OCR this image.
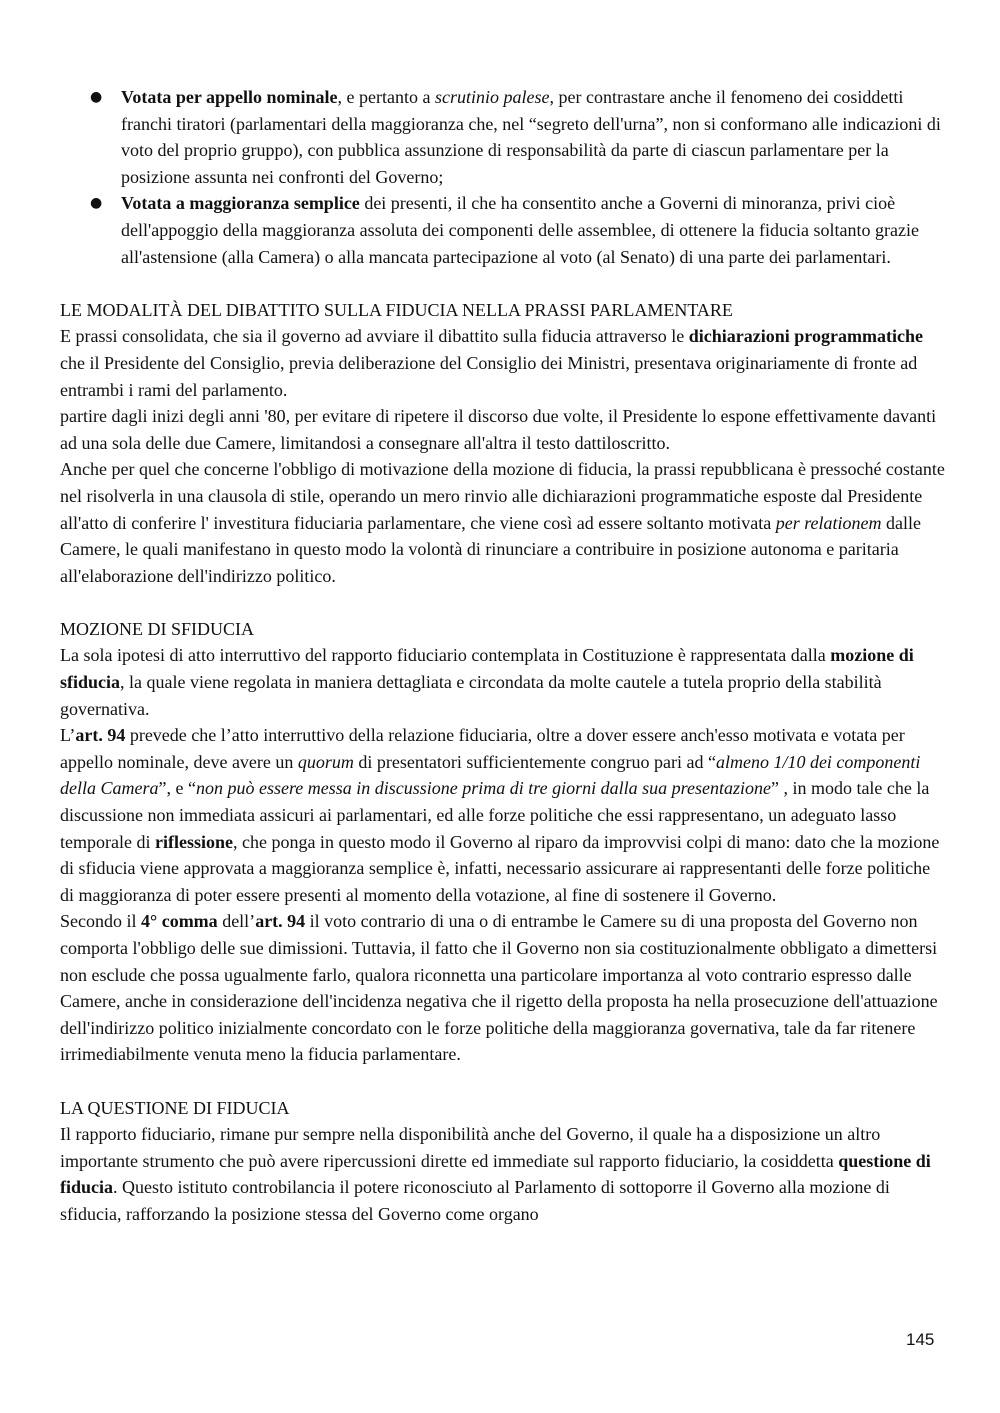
● Votata per appello nominale, e pertanto a scrutinio palese, per contrastare anche il fenomeno dei cosiddetti franchi tiratori (parlamentari della maggioranza che, nel “segreto dell'urna”, non si conformano alle indicazioni di voto del proprio gruppo), con pubblica assunzione di responsabilità da parte di ciascun parlamentare per la posizione assunta nei confronti del Governo;
● Votata a maggioranza semplice dei presenti, il che ha consentito anche a Governi di minoranza, privi cioè dell'appoggio della maggioranza assoluta dei componenti delle assemblee, di ottenere la fiducia soltanto grazie all'astensione (alla Camera) o alla mancata partecipazione al voto (al Senato) di una parte dei parlamentari.

LE MODALITÀ DEL DIBATTITO SULLA FIDUCIA NELLA PRASSI PARLAMENTARE

E prassi consolidata, che sia il governo ad avviare il dibattito sulla fiducia attraverso le dichiarazioni programmatiche che il Presidente del Consiglio, previa deliberazione del Consiglio dei Ministri, presentava originariamente di fronte ad entrambi i rami del parlamento.

partire dagli inizi degli anni '80, per evitare di ripetere il discorso due volte, il Presidente lo espone effettivamente davanti ad una sola delle due Camere, limitandosi a consegnare all'altra il testo dattiloscritto.

Anche per quel che concerne l'obbligo di motivazione della mozione di fiducia, la prassi repubblicana è pressoché costante nel risolverla in una clausola di stile, operando un mero rinvio alle dichiarazioni programmatiche esposte dal Presidente all'atto di conferire l' investitura fiduciaria parlamentare, che viene così ad essere soltanto motivata per relationem dalle Camere, le quali manifestano in questo modo la volontà di rinunciare a contribuire in posizione autonoma e paritaria all'elaborazione dell'indirizzo politico.

MOZIONE DI SFIDUCIA

La sola ipotesi di atto interruttivo del rapporto fiduciario contemplata in Costituzione è rappresentata dalla mozione di sfiducia, la quale viene regolata in maniera dettagliata e circondata da molte cautele a tutela proprio della stabilità governativa.

L’art. 94 prevede che l’atto interruttivo della relazione fiduciaria, oltre a dover essere anch'esso motivata e votata per appello nominale, deve avere un quorum di presentatori sufficientemente congruo pari ad “almeno 1/10 dei componenti della Camera”, e “non può essere messa in discussione prima di tre giorni dalla sua presentazione” , in modo tale che la discussione non immediata assicuri ai parlamentari, ed alle forze politiche che essi rappresentano, un adeguato lasso temporale di riflessione, che ponga in questo modo il Governo al riparo da improvvisi colpi di mano: dato che la mozione di sfiducia viene approvata a maggioranza semplice è, infatti, necessario assicurare ai rappresentanti delle forze politiche di maggioranza di poter essere presenti al momento della votazione, al fine di sostenere il Governo.

Secondo il 4° comma dell’art. 94 il voto contrario di una o di entrambe le Camere su di una proposta del Governo non comporta l'obbligo delle sue dimissioni. Tuttavia, il fatto che il Governo non sia costituzionalmente obbligato a dimettersi non esclude che possa ugualmente farlo, qualora riconnetta una particolare importanza al voto contrario espresso dalle Camere, anche in considerazione dell'incidenza negativa che il rigetto della proposta ha nella prosecuzione dell'attuazione dell'indirizzo politico inizialmente concordato con le forze politiche della maggioranza governativa, tale da far ritenere irrimediabilmente venuta meno la fiducia parlamentare.

LA QUESTIONE DI FIDUCIA

Il rapporto fiduciario, rimane pur sempre nella disponibilità anche del Governo, il quale ha a disposizione un altro importante strumento che può avere ripercussioni dirette ed immediate sul rapporto fiduciario, la cosiddetta questione di fiducia. Questo istituto controbilancia il potere riconosciuto al Parlamento di sottoporre il Governo alla mozione di sfiducia, rafforzando la posizione stessa del Governo come organo

145
